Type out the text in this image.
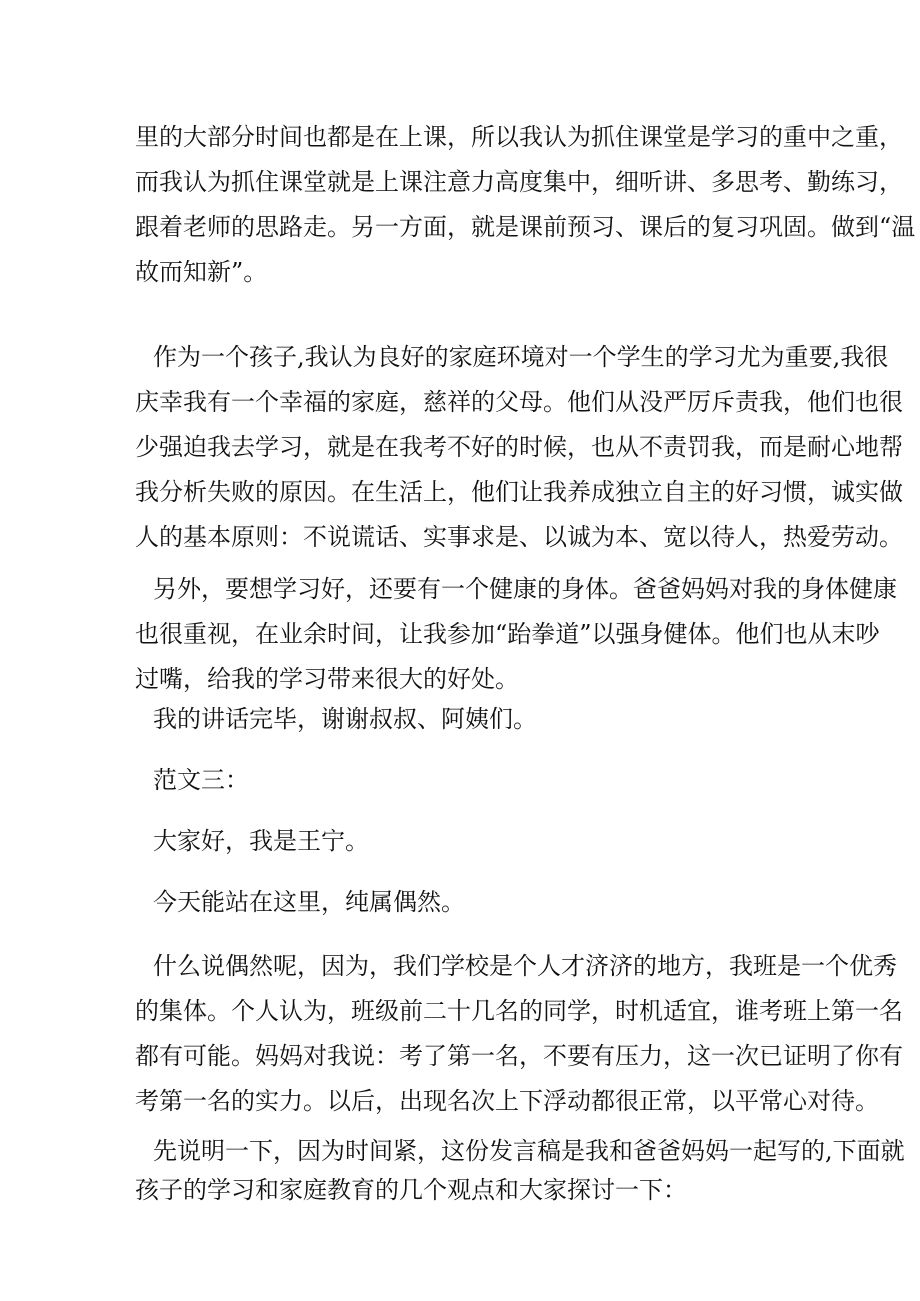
里的大部分时间也都是在上课，所以我认为抓住课堂是学习的重中之重，
而我认为抓住课堂就是上课注意力高度集中，细听讲、多思考、勤练习，
跟着老师的思路走。另一方面，就是课前预习、课后的复习巩固。做到“温
故而知新”。
作为一个孩子,我认为良好的家庭环境对一个学生的学习尤为重要,我很
庆幸我有一个幸福的家庭，慈祥的父母。他们从没严厉斥责我，他们也很
少强迫我去学习，就是在我考不好的时候，也从不责罚我，而是耐心地帮
我分析失败的原因。在生活上，他们让我养成独立自主的好习惯，诚实做
人的基本原则：不说谎话、实事求是、以诚为本、宽以待人，热爱劳动。
另外，要想学习好，还要有一个健康的身体。爸爸妈妈对我的身体健康
也很重视，在业余时间，让我参加“跆拳道”以强身健体。他们也从末吵
过嘴，给我的学习带来很大的好处。
我的讲话完毕，谢谢叔叔、阿姨们。
范文三：
大家好，我是王宁。
今天能站在这里，纯属偶然。
什么说偶然呢，因为，我们学校是个人才济济的地方，我班是一个优秀
的集体。个人认为，班级前二十几名的同学，时机适宜，谁考班上第一名
都有可能。妈妈对我说：考了第一名，不要有压力，这一次已证明了你有
考第一名的实力。以后，出现名次上下浮动都很正常，以平常心对待。
先说明一下，因为时间紧，这份发言稿是我和爸爸妈妈一起写的,下面就
孩子的学习和家庭教育的几个观点和大家探讨一下：
